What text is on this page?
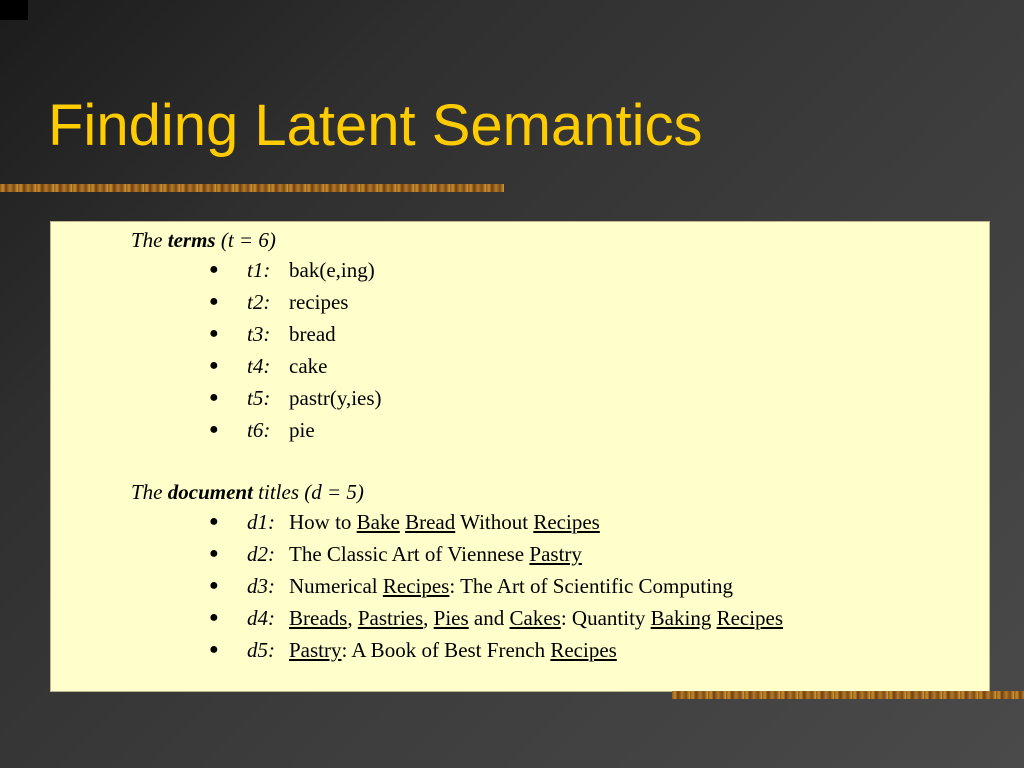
Finding Latent Semantics
The terms (t = 6)
● t1: bak(e,ing)
● t2: recipes
● t3: bread
● t4: cake
● t5: pastr(y,ies)
● t6: pie
The document titles (d = 5)
● d1: How to Bake Bread Without Recipes
● d2: The Classic Art of Viennese Pastry
● d3: Numerical Recipes: The Art of Scientific Computing
● d4: Breads, Pastries, Pies and Cakes: Quantity Baking Recipes
● d5: Pastry: A Book of Best French Recipes
